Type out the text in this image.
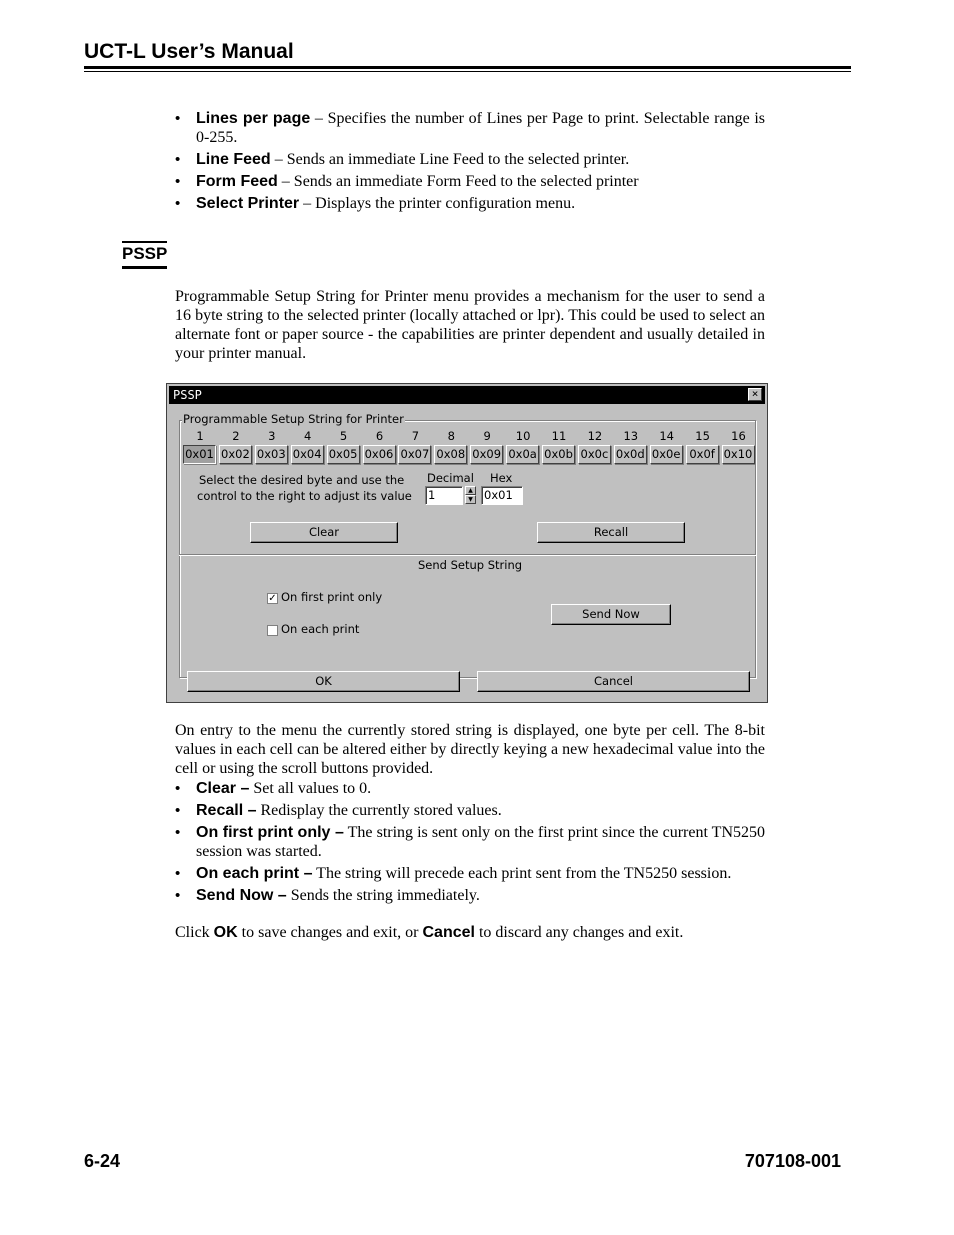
UCT-L User’s Manual
• Lines per page – Specifies the number of Lines per Page to print. Selectable range is 0-255.
• Line Feed – Sends an immediate Line Feed to the selected printer.
• Form Feed – Sends an immediate Form Feed to the selected printer
• Select Printer – Displays the printer configuration menu.
PSSP
Programmable Setup String for Printer menu provides a mechanism for the user to send a 16 byte string to the selected printer (locally attached or lpr). This could be used to select an alternate font or paper source - the capabilities are printer dependent and usually detailed in your printer manual.
PSSP	×
Programmable Setup String for Printer
1	2	3	4	5	6	7	8	9	10	11	12	13	14	15	16
0x01 0x02 0x03 0x04 0x05 0x06 0x07 0x08 0x09 0x0a 0x0b 0x0c 0x0d 0x0e 0x0f 0x10
Select the desired byte and use the
control to the right to adjust its value
Decimal Hex
1	▲
▼ 0x01
Clear	Recall
Send Setup String
✓ On first print only
On each print
Send Now
OK	Cancel
On entry to the menu the currently stored string is displayed, one byte per cell. The 8-bit values in each cell can be altered either by directly keying a new hexadecimal value into the cell or using the scroll buttons provided.
• Clear – Set all values to 0.
• Recall – Redisplay the currently stored values.
• On first print only – The string is sent only on the first print since the current TN5250 session was started.
• On each print – The string will precede each print sent from the TN5250 session.
• Send Now – Sends the string immediately.
Click OK to save changes and exit, or Cancel to discard any changes and exit.
6-24	707108-001
